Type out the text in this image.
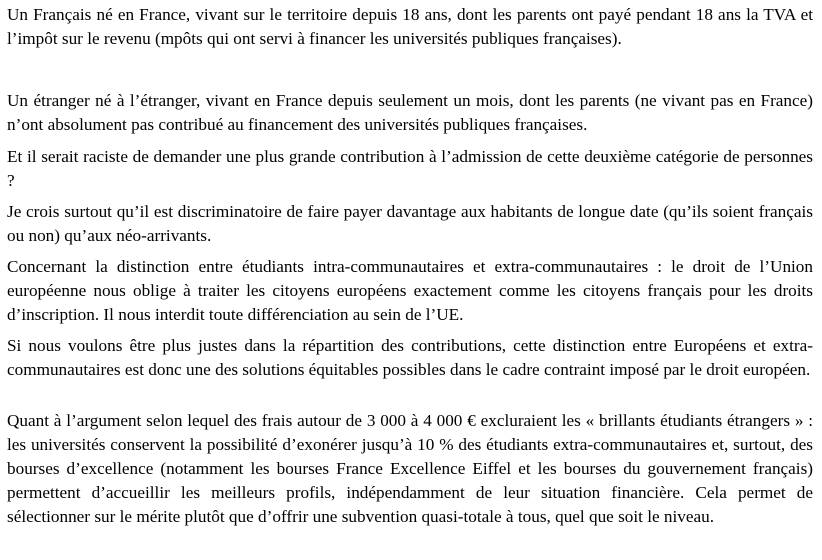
Un Français né en France, vivant sur le territoire depuis 18 ans, dont les parents ont payé pendant 18 ans la TVA et l’impôt sur le revenu (mpôts qui ont servi à financer les universités publiques françaises).

Un étranger né à l’étranger, vivant en France depuis seulement un mois, dont les parents (ne vivant pas en France) n’ont absolument pas contribué au financement des universités publiques françaises.

Et il serait raciste de demander une plus grande contribution à l’admission de cette deuxième catégorie de personnes ?

Je crois surtout qu’il est discriminatoire de faire payer davantage aux habitants de longue date (qu’ils soient français ou non) qu’aux néo-arrivants.

Concernant la distinction entre étudiants intra-communautaires et extra-communautaires : le droit de l’Union européenne nous oblige à traiter les citoyens européens exactement comme les citoyens français pour les droits d’inscription. Il nous interdit toute différenciation au sein de l’UE.

Si nous voulons être plus justes dans la répartition des contributions, cette distinction entre Européens et extra-communautaires est donc une des solutions équitables possibles dans le cadre contraint imposé par le droit européen.

Quant à l’argument selon lequel des frais autour de 3 000 à 4 000 € excluraient les « brillants étudiants étrangers » : les universités conservent la possibilité d’exonérer jusqu’à 10 % des étudiants extra-communautaires et, surtout, des bourses d’excellence (notamment les bourses France Excellence Eiffel et les bourses du gouvernement français) permettent d’accueillir les meilleurs profils, indépendamment de leur situation financière. Cela permet de sélectionner sur le mérite plutôt que d’offrir une subvention quasi-totale à tous, quel que soit le niveau.
